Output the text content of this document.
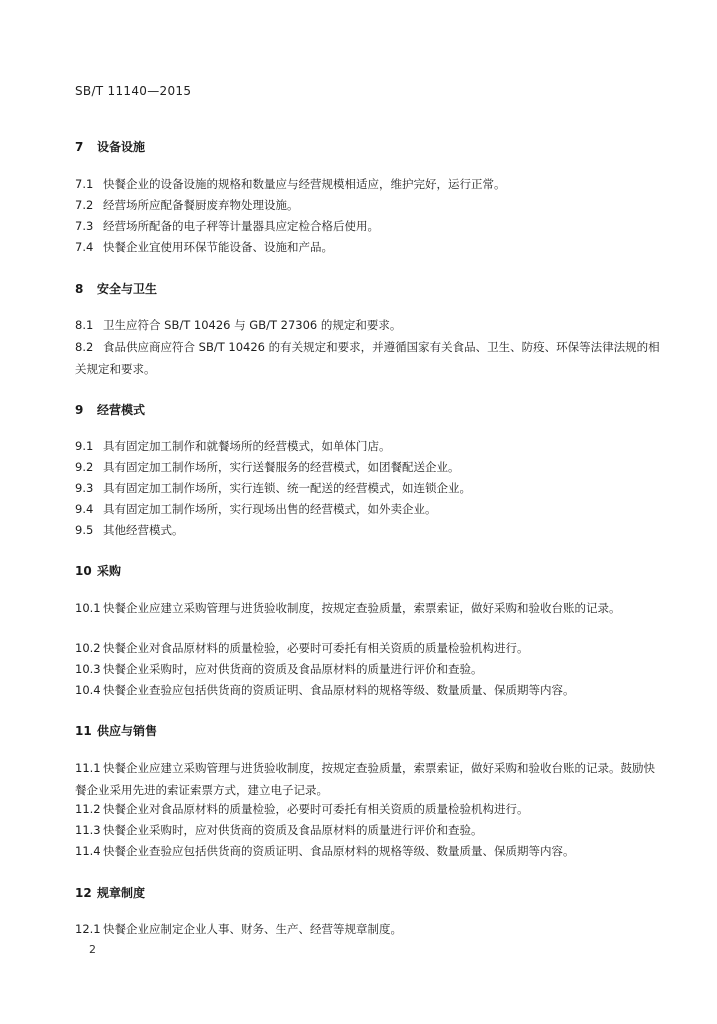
SB/T 11140—2015
7 设备设施
7.1 快餐企业的设备设施的规格和数量应与经营规模相适应，维护完好，运行正常。
7.2 经营场所应配备餐厨废弃物处理设施。
7.3 经营场所配备的电子秤等计量器具应定检合格后使用。
7.4 快餐企业宜使用环保节能设备、设施和产品。
8 安全与卫生
8.1 卫生应符合 SB/T 10426 与 GB/T 27306 的规定和要求。
8.2 食品供应商应符合 SB/T 10426 的有关规定和要求，并遵循国家有关食品、卫生、防疫、环保等法律法规的相关规定和要求。
9 经营模式
9.1 具有固定加工制作和就餐场所的经营模式，如单体门店。
9.2 具有固定加工制作场所，实行送餐服务的经营模式，如团餐配送企业。
9.3 具有固定加工制作场所，实行连锁、统一配送的经营模式，如连锁企业。
9.4 具有固定加工制作场所，实行现场出售的经营模式，如外卖企业。
9.5 其他经营模式。
10 采购
10.1 快餐企业应建立采购管理与进货验收制度，按规定查验质量，索票索证，做好采购和验收台账的记录。
10.2 快餐企业对食品原材料的质量检验，必要时可委托有相关资质的质量检验机构进行。
10.3 快餐企业采购时，应对供货商的资质及食品原材料的质量进行评价和查验。
10.4 快餐企业查验应包括供货商的资质证明、食品原材料的规格等级、数量质量、保质期等内容。
11 供应与销售
11.1 快餐企业应建立采购管理与进货验收制度，按规定查验质量，索票索证，做好采购和验收台账的记录。鼓励快餐企业采用先进的索证索票方式，建立电子记录。
11.2 快餐企业对食品原材料的质量检验，必要时可委托有相关资质的质量检验机构进行。
11.3 快餐企业采购时，应对供货商的资质及食品原材料的质量进行评价和查验。
11.4 快餐企业查验应包括供货商的资质证明、食品原材料的规格等级、数量质量、保质期等内容。
12 规章制度
12.1 快餐企业应制定企业人事、财务、生产、经营等规章制度。
2
